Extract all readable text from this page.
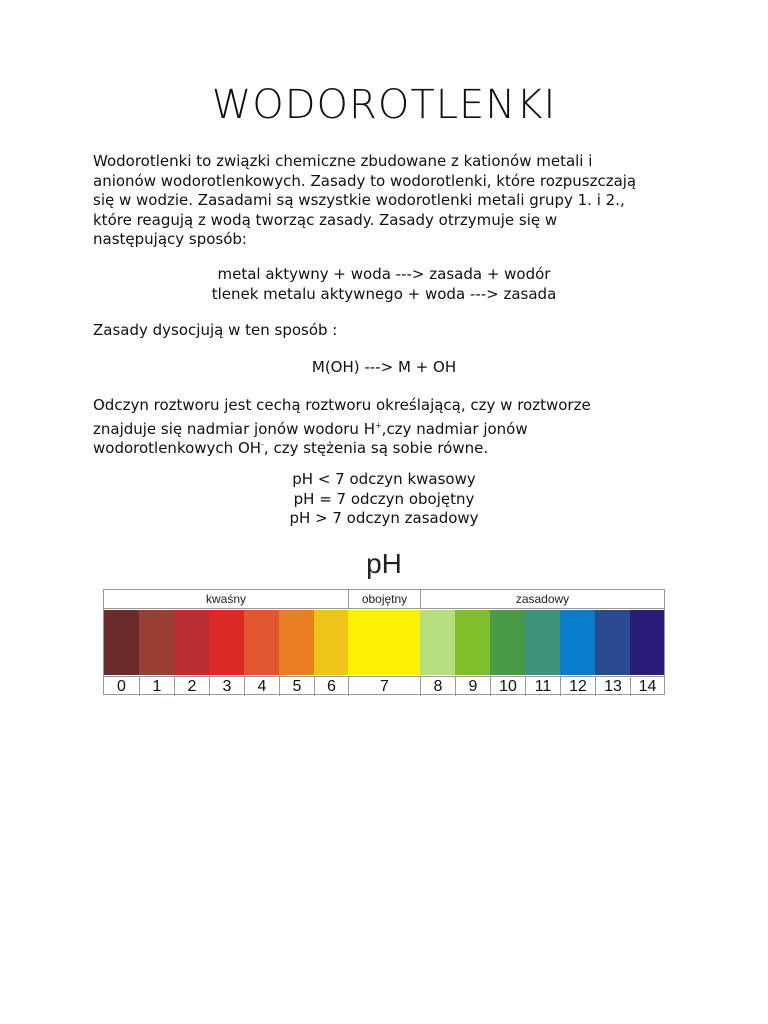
WODOROTLENKI

Wodorotlenki to związki chemiczne zbudowane z kationów metali i

anionów wodorotlenkowych. Zasady to wodorotlenki, które rozpuszczają

się w wodzie. Zasadami są wszystkie wodorotlenki metali grupy 1. i 2.,

które reagują z wodą tworząc zasady. Zasady otrzymuje się w

następujący sposób:

metal aktywny + woda ---> zasada + wodór

tlenek metalu aktywnego + woda ---> zasada

Zasady dysocjują w ten sposób :

M(OH) ---> M + OH

Odczyn roztworu jest cechą roztworu określającą, czy w roztworze

znajduje się nadmiar jonów wodoru H+,czy nadmiar jonów

wodorotlenkowych OH-, czy stężenia są sobie równe.

pH < 7 odczyn kwasowy

pH = 7 odczyn obojętny

pH > 7 odczyn zasadowy

pH

kwaśny	obojętny	zasadowy
0	1	2	3	4	5	6	7	8	9	10	11	12	13	14
